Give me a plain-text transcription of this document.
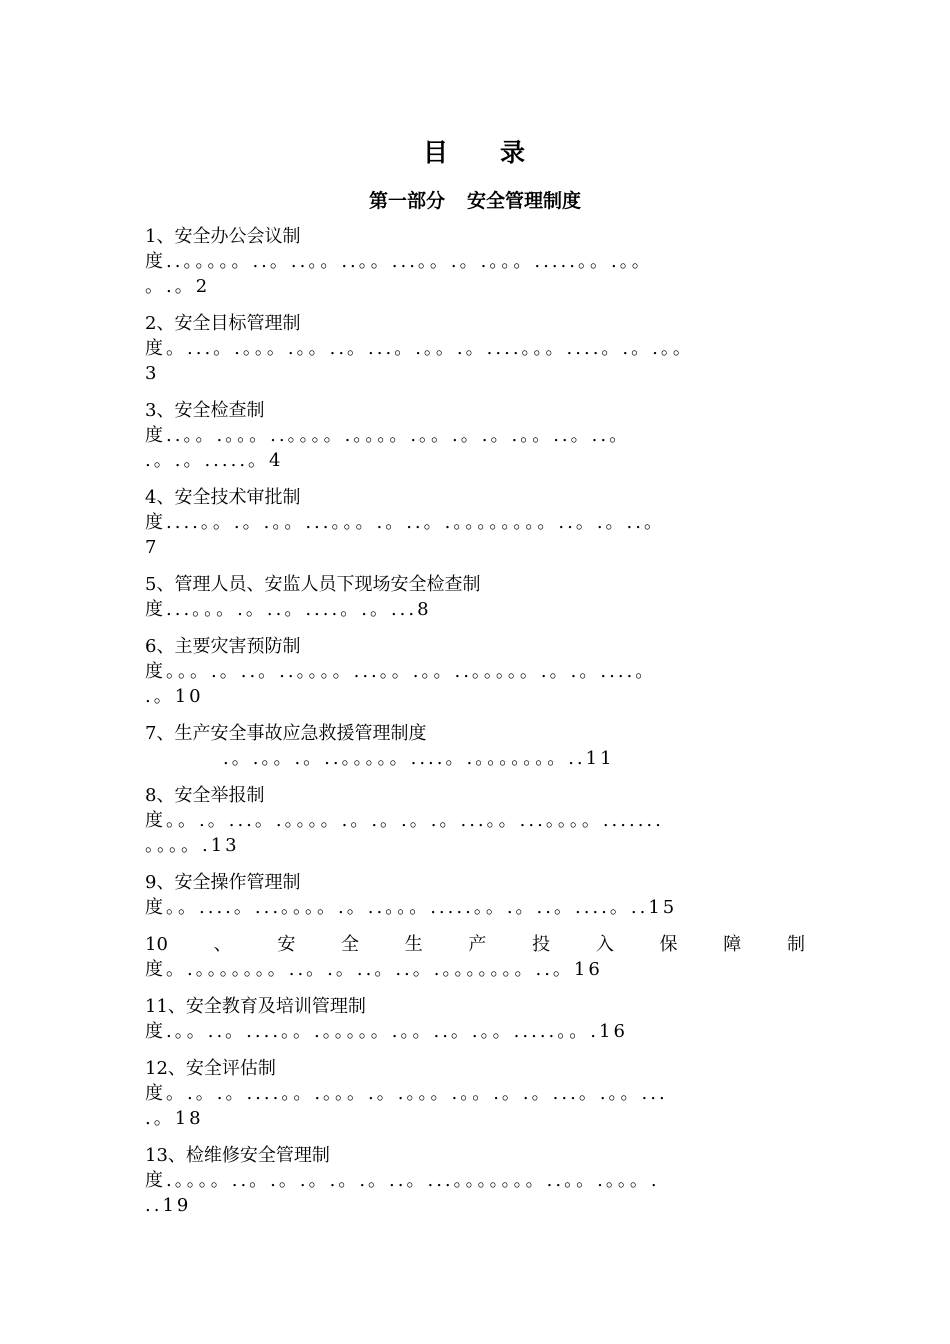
目 录
第一部分 安全管理制度
1、安全办公会议制
度..。。。。。..。..。。..。。...。。.。.。。。.....。。.。。
。.。2
2、安全目标管理制
度。...。.。。。.。。..。...。.。。.。....。。。....。.。.。。
3
3、安全检查制
度..。。.。。。..。。。。.。。。。.。。.。.。.。。..。..。
.。.。.....。4
4、安全技术审批制
度....。。.。.。。...。。。.。..。.。。。。。。。。..。.。..。
7
5、管理人员、安监人员下现场安全检查制
度...。。。.。..。....。.。...8
6、主要灾害预防制
度。。。.。..。..。。。。...。。.。。..。。。。。.。.。....。
.。10
7、生产安全事故应急救援管理制度
.。.。。.。..。。。。。....。.。。。。。。。..11
8、安全举报制
度。。.。...。.。。。。.。.。.。.。...。。...。。。。.......
。。。。.13
9、安全操作管理制
度。。....。...。。。。.。..。。。.....。。.。..。....。..15
10	、	安	全	生	产	投	入	保	障	制
度。.。。。。。。。..。.。..。..。.。。。。。。。..。16
11、安全教育及培训管理制
度.。。..。....。。.。。。。。.。。..。.。。.....。。.16
12、安全评估制
度。.。.。....。。.。。。.。.。。。.。。.。.。...。.。。...
.。18
13、检维修安全管理制
度.。。。。..。.。.。.。.。..。...。。。。。。。..。。.。。。.
..19
